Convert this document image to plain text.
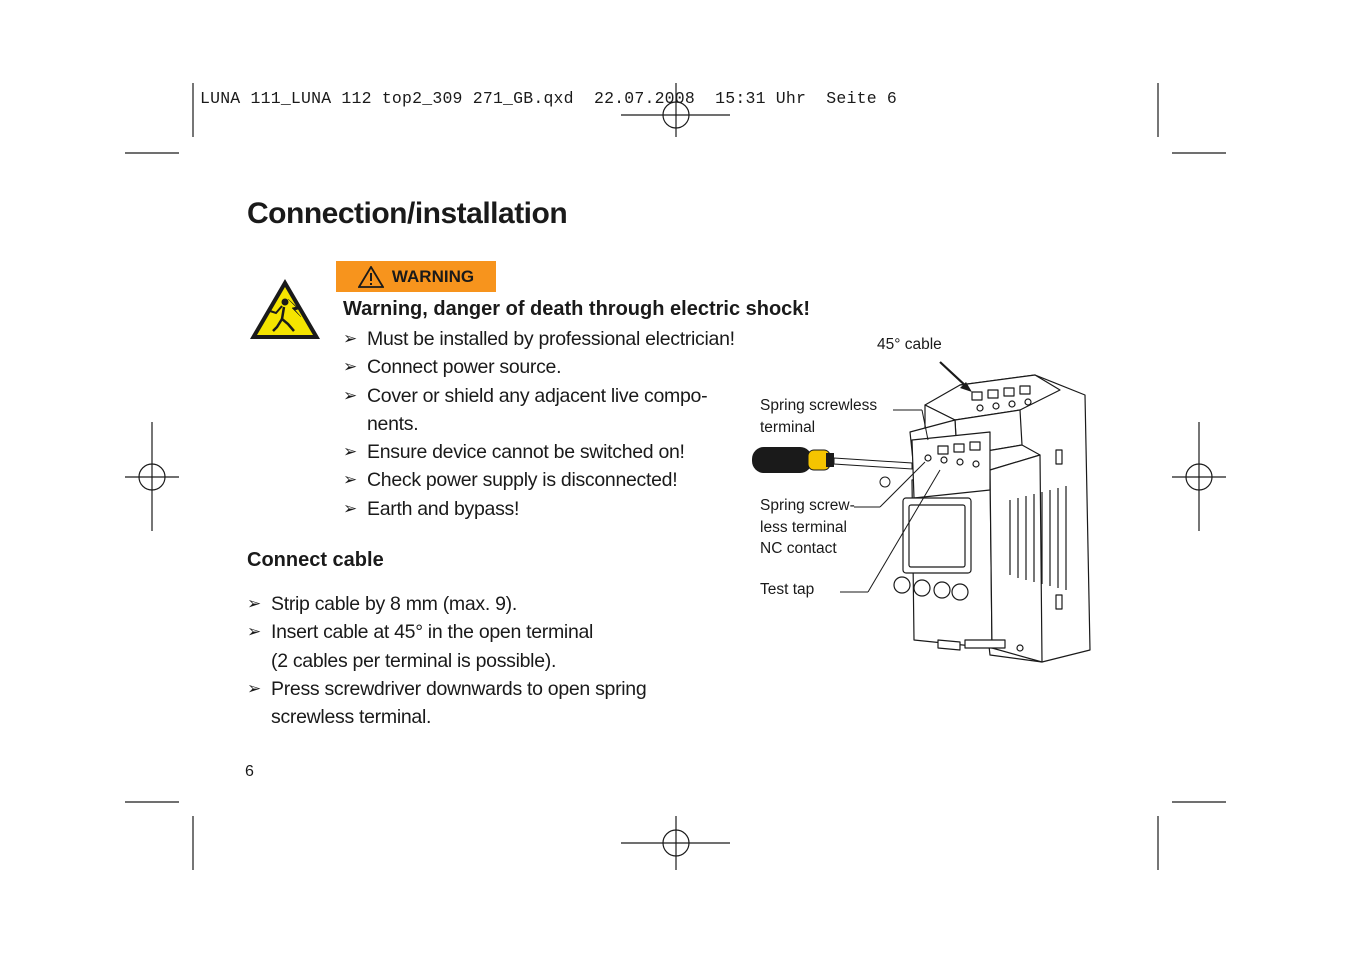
LUNA 111_LUNA 112 top2_309 271_GB.qxd  22.07.2008  15:31 Uhr  Seite 6
Connection/installation
WARNING
Warning, danger of death through electric shock!
➢ Must be installed by professional electrician!
➢ Connect power source.
➢ Cover or shield any adjacent live compo-
nents.
➢ Ensure device cannot be switched on!
➢ Check power supply is disconnected!
➢ Earth and bypass!
Connect cable
➢ Strip cable by 8 mm (max. 9).
➢ Insert cable at 45° in the open terminal
(2 cables per terminal is possible).
➢ Press screwdriver downwards to open spring
screwless terminal.
6
45° cable
Spring screwless
terminal
Spring screw-
less terminal
NC contact
Test tap
